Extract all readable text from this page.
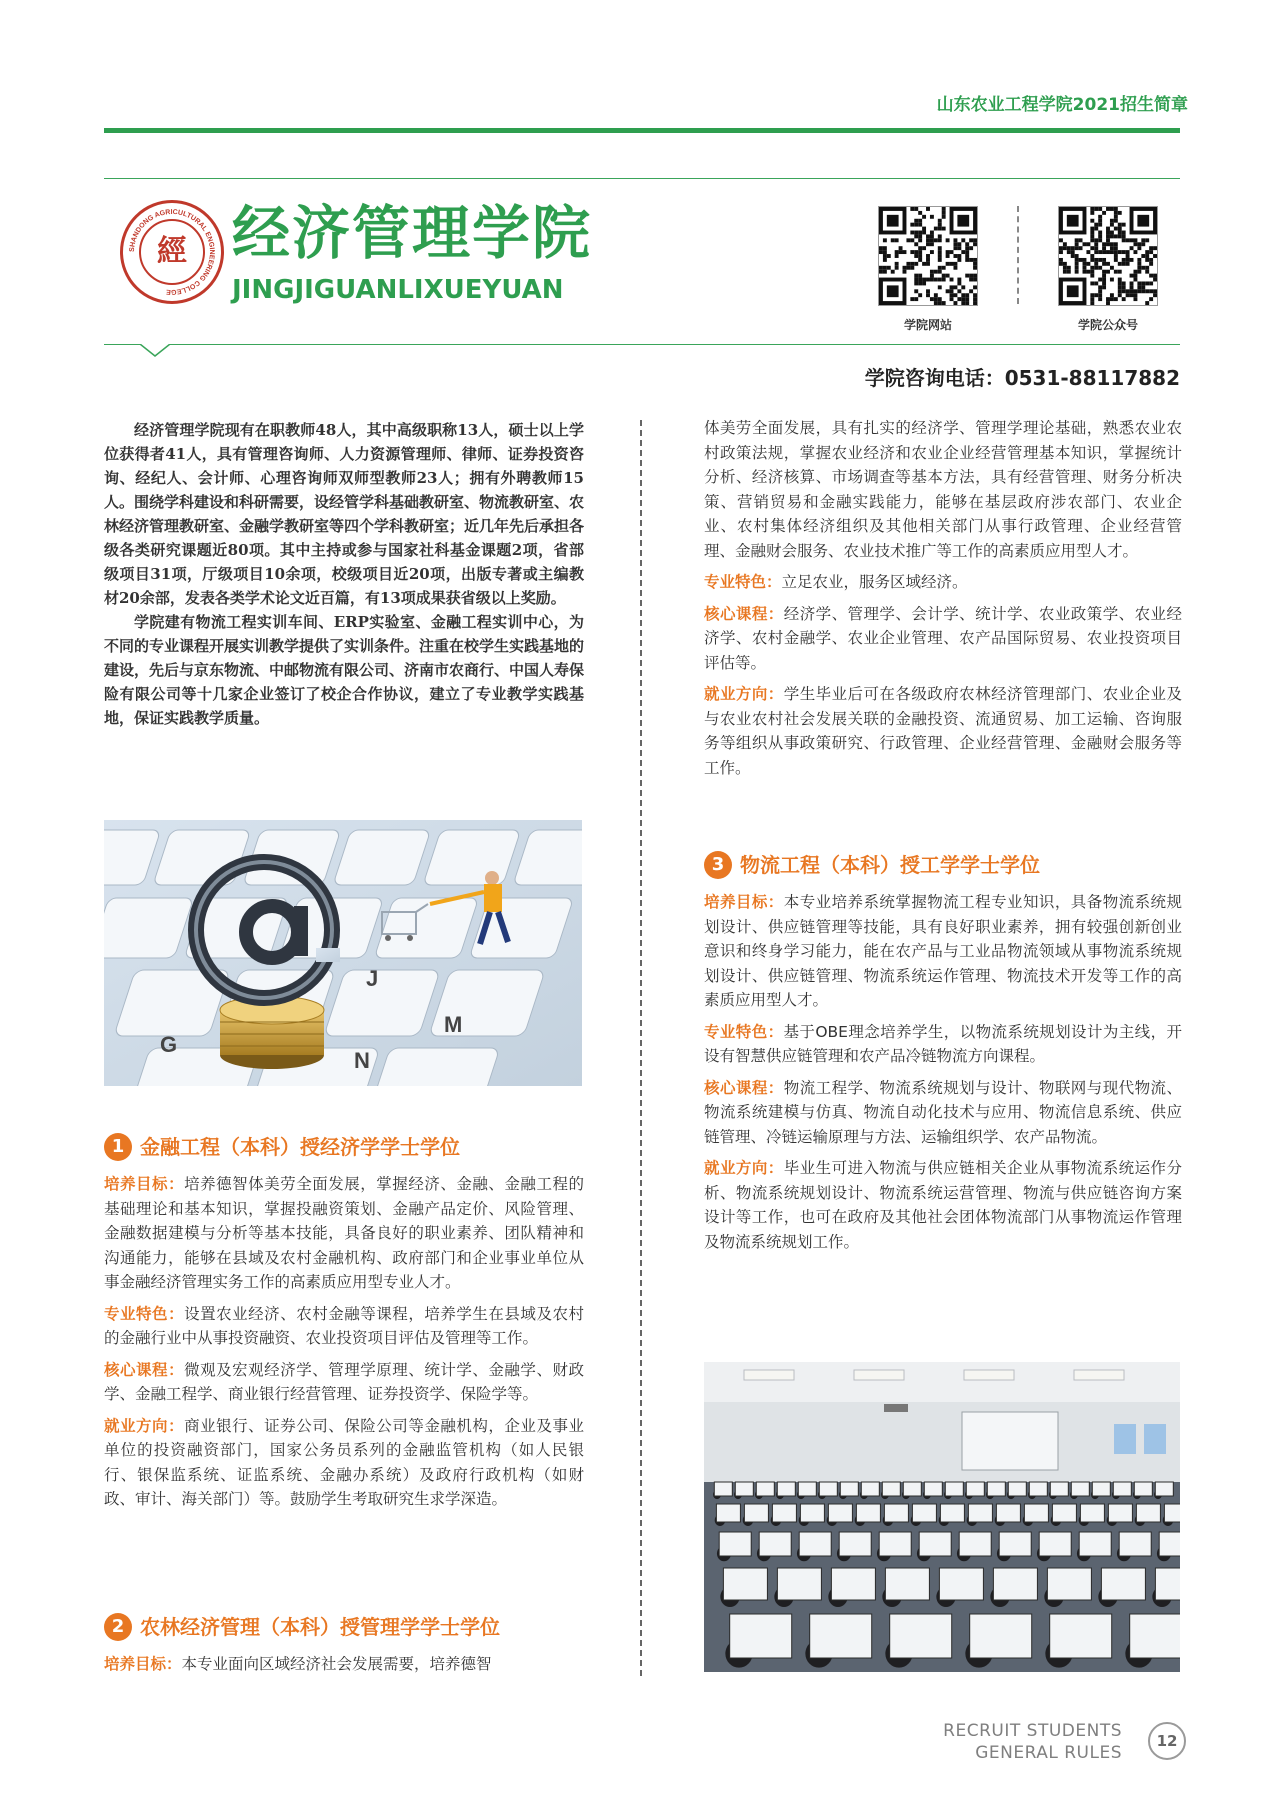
山东农业工程学院2021招生简章
SHANDONG AGRICULTURAL ENGINEERING COLLEGE
經 经济管理学院
JINGJIGUANLIXUEYUAN
学院网站	学院公众号
学院咨询电话：0531-88117882

经济管理学院现有在职教师48人，其中高级职称13人，硕士以上学位获得者41人，具有管理咨询师、人力资源管理师、律师、证券投资咨询、经纪人、会计师、心理咨询师双师型教师23人；拥有外聘教师15人。围绕学科建设和科研需要，设经管学科基础教研室、物流教研室、农林经济管理教研室、金融学教研室等四个学科教研室；近几年先后承担各级各类研究课题近80项。其中主持或参与国家社科基金课题2项，省部级项目31项，厅级项目10余项，校级项目近20项，出版专著或主编教材20余部，发表各类学术论文近百篇，有13项成果获省级以上奖励。

学院建有物流工程实训车间、ERP实验室、金融工程实训中心，为不同的专业课程开展实训教学提供了实训条件。注重在校学生实践基地的建设，先后与京东物流、中邮物流有限公司、济南市农商行、中国人寿保险有限公司等十几家企业签订了校企合作协议，建立了专业教学实践基地，保证实践教学质量。

J
G
N
M
1 金融工程（本科）授经济学学士学位

培养目标：培养德智体美劳全面发展，掌握经济、金融、金融工程的基础理论和基本知识，掌握投融资策划、金融产品定价、风险管理、金融数据建模与分析等基本技能，具备良好的职业素养、团队精神和沟通能力，能够在县域及农村金融机构、政府部门和企业事业单位从事金融经济管理实务工作的高素质应用型专业人才。

专业特色：设置农业经济、农村金融等课程，培养学生在县域及农村的金融行业中从事投资融资、农业投资项目评估及管理等工作。

核心课程：微观及宏观经济学、管理学原理、统计学、金融学、财政学、金融工程学、商业银行经营管理、证券投资学、保险学等。

就业方向：商业银行、证券公司、保险公司等金融机构，企业及事业单位的投资融资部门，国家公务员系列的金融监管机构（如人民银行、银保监系统、证监系统、金融办系统）及政府行政机构（如财政、审计、海关部门）等。鼓励学生考取研究生求学深造。

2 农林经济管理（本科）授管理学学士学位

培养目标：本专业面向区域经济社会发展需要，培养德智

体美劳全面发展，具有扎实的经济学、管理学理论基础，熟悉农业农村政策法规，掌握农业经济和农业企业经营管理基本知识，掌握统计分析、经济核算、市场调查等基本方法，具有经营管理、财务分析决策、营销贸易和金融实践能力，能够在基层政府涉农部门、农业企业、农村集体经济组织及其他相关部门从事行政管理、企业经营管理、金融财会服务、农业技术推广等工作的高素质应用型人才。

专业特色：立足农业，服务区域经济。

核心课程：经济学、管理学、会计学、统计学、农业政策学、农业经济学、农村金融学、农业企业管理、农产品国际贸易、农业投资项目评估等。

就业方向：学生毕业后可在各级政府农林经济管理部门、农业企业及与农业农村社会发展关联的金融投资、流通贸易、加工运输、咨询服务等组织从事政策研究、行政管理、企业经营管理、金融财会服务等工作。

3 物流工程（本科）授工学学士学位

培养目标：本专业培养系统掌握物流工程专业知识，具备物流系统规划设计、供应链管理等技能，具有良好职业素养，拥有较强创新创业意识和终身学习能力，能在农产品与工业品物流领域从事物流系统规划设计、供应链管理、物流系统运作管理、物流技术开发等工作的高素质应用型人才。

专业特色：基于OBE理念培养学生，以物流系统规划设计为主线，开设有智慧供应链管理和农产品冷链物流方向课程。

核心课程：物流工程学、物流系统规划与设计、物联网与现代物流、物流系统建模与仿真、物流自动化技术与应用、物流信息系统、供应链管理、冷链运输原理与方法、运输组织学、农产品物流。

就业方向：毕业生可进入物流与供应链相关企业从事物流系统运作分析、物流系统规划设计、物流系统运营管理、物流与供应链咨询方案设计等工作，也可在政府及其他社会团体物流部门从事物流运作管理及物流系统规划工作。

RECRUIT STUDENTS
GENERAL RULES
12
